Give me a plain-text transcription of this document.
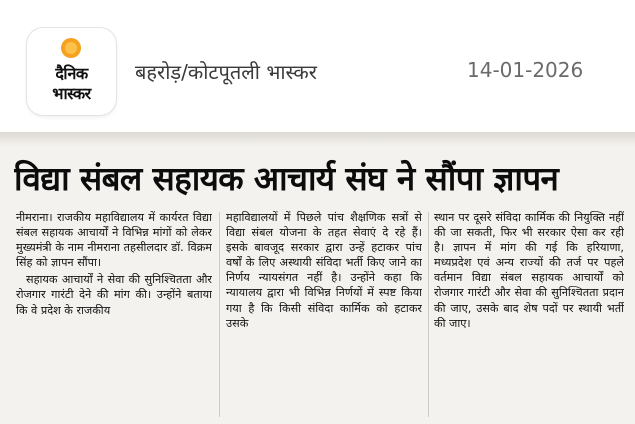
दैनिक
भास्कर
बहरोड़/कोटपूतली भास्कर	14-01-2026
विद्या संबल सहायक आचार्य संघ ने सौंपा ज्ञापन

नीमराना। राजकीय महाविद्यालय में कार्यरत विद्या संबल सहायक आचार्यों ने विभिन्न मांगों को लेकर मुख्यमंत्री के नाम नीमराना तहसीलदार डॉ. विक्रम सिंह को ज्ञापन सौंपा।

सहायक आचार्यों ने सेवा की सुनिश्चितता और रोजगार गारंटी देने की मांग की। उन्होंने बताया कि वे प्रदेश के राजकीय

महाविद्यालयों में पिछले पांच शैक्षणिक सत्रों से विद्या संबल योजना के तहत सेवाएं दे रहे हैं। इसके बावजूद सरकार द्वारा उन्हें हटाकर पांच वर्षों के लिए अस्थायी संविदा भर्ती किए जाने का निर्णय न्यायसंगत नहीं है। उन्होंने कहा कि न्यायालय द्वारा भी विभिन्न निर्णयों में स्पष्ट किया गया है कि किसी संविदा कार्मिक को हटाकर उसके

स्थान पर दूसरे संविदा कार्मिक की नियुक्ति नहीं की जा सकती, फिर भी सरकार ऐसा कर रही है। ज्ञापन में मांग की गई कि हरियाणा, मध्यप्रदेश एवं अन्य राज्यों की तर्ज पर पहले वर्तमान विद्या संबल सहायक आचार्यों को रोजगार गारंटी और सेवा की सुनिश्चितता प्रदान की जाए, उसके बाद शेष पदों पर स्थायी भर्ती की जाए।
